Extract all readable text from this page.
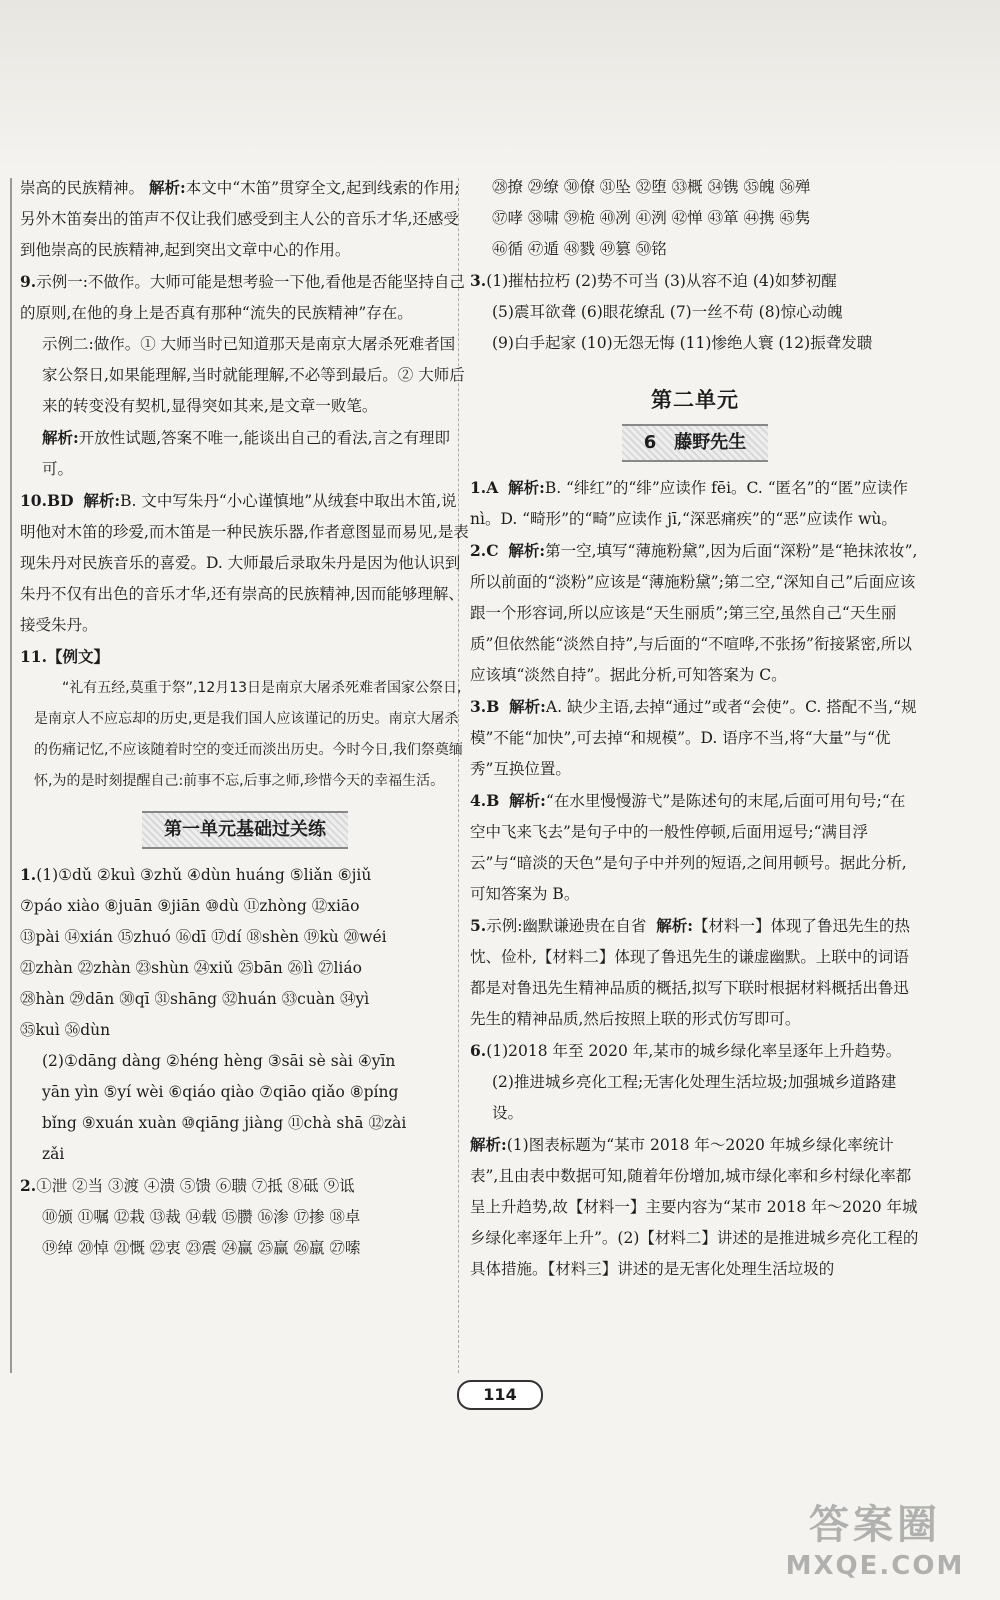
崇高的民族精神。 解析:本文中“木笛”贯穿全文,起到线索的作用;另外木笛奏出的笛声不仅让我们感受到主人公的音乐才华,还感受到他崇高的民族精神,起到突出文章中心的作用。

9.示例一:不做作。大师可能是想考验一下他,看他是否能坚持自己的原则,在他的身上是否真有那种“流失的民族精神”存在。

示例二:做作。① 大师当时已知道那天是南京大屠杀死难者国家公祭日,如果能理解,当时就能理解,不必等到最后。② 大师后来的转变没有契机,显得突如其来,是文章一败笔。

解析:开放性试题,答案不唯一,能谈出自己的看法,言之有理即可。

10.BD 解析:B. 文中写朱丹“小心谨慎地”从绒套中取出木笛,说明他对木笛的珍爱,而木笛是一种民族乐器,作者意图显而易见,是表现朱丹对民族音乐的喜爱。D. 大师最后录取朱丹是因为他认识到朱丹不仅有出色的音乐才华,还有崇高的民族精神,因而能够理解、接受朱丹。

11.【例文】

“礼有五经,莫重于祭”,12月13日是南京大屠杀死难者国家公祭日,是南京人不应忘却的历史,更是我们国人应该谨记的历史。南京大屠杀的伤痛记忆,不应该随着时空的变迁而淡出历史。今时今日,我们祭奠缅怀,为的是时刻提醒自己:前事不忘,后事之师,珍惜今天的幸福生活。

第一单元基础过关练
1.(1)①dǔ ②kuì ③zhǔ ④dùn huáng ⑤liǎn ⑥jiǔ
⑦páo xiào ⑧juān ⑨jiān ⑩dù ⑪zhòng ⑫xiāo
⑬pài ⑭xián ⑮zhuó ⑯dī ⑰dí ⑱shèn ⑲kù ⑳wéi
㉑zhàn ㉒zhàn ㉓shùn ㉔xiǔ ㉕bān ㉖lì ㉗liáo
㉘hàn ㉙dān ㉚qī ㉛shāng ㉜huán ㉝cuàn ㉞yì
㉟kuì ㊱dùn
(2)①dāng dàng ②héng hèng ③sāi sè sài ④yīn
yān yìn ⑤yí wèi ⑥qiáo qiào ⑦qiāo qiǎo ⑧píng
bǐng ⑨xuán xuàn ⑩qiāng jiàng ⑪chà shā ⑫zài
zǎi
2.①泄 ②当 ③渡 ④溃 ⑤馈 ⑥聩 ⑦抵 ⑧砥 ⑨诋
⑩颁 ⑪嘱 ⑫栽 ⑬裁 ⑭载 ⑮臜 ⑯渗 ⑰掺 ⑱卓
⑲绰 ⑳悼 ㉑慨 ㉒衷 ㉓震 ㉔赢 ㉕赢 ㉖羸 ㉗嗦
㉘撩 ㉙缭 ㉚僚 ㉛坠 ㉜堕 ㉝概 ㉞镌 ㉟魄 ㊱殚
㊲哮 ㊳啸 ㊴桅 ㊵冽 ㊶洌 ㊷惮 ㊸箪 ㊹携 ㊺隽
㊻循 ㊼遁 ㊽戮 ㊾篡 ㊿铭
3.(1)摧枯拉朽 (2)势不可当 (3)从容不迫 (4)如梦初醒
(5)震耳欲聋 (6)眼花缭乱 (7)一丝不苟 (8)惊心动魄
(9)白手起家 (10)无怨无悔 (11)惨绝人寰 (12)振聋发聩
第二单元
6　藤野先生

1.A 解析:B. “绯红”的“绯”应读作 fēi。C. “匿名”的“匿”应读作 nì。D. “畸形”的“畸”应读作 jī,“深恶痛疾”的“恶”应读作 wù。

2.C 解析:第一空,填写“薄施粉黛”,因为后面“深粉”是“艳抹浓妆”,所以前面的“淡粉”应该是“薄施粉黛”;第二空,“深知自己”后面应该跟一个形容词,所以应该是“天生丽质”;第三空,虽然自己“天生丽质”但依然能“淡然自持”,与后面的“不喧哗,不张扬”衔接紧密,所以应该填“淡然自持”。据此分析,可知答案为 C。

3.B 解析:A. 缺少主语,去掉“通过”或者“会使”。C. 搭配不当,“规模”不能“加快”,可去掉“和规模”。D. 语序不当,将“大量”与“优秀”互换位置。

4.B 解析:“在水里慢慢游弋”是陈述句的末尾,后面可用句号;“在空中飞来飞去”是句子中的一般性停顿,后面用逗号;“满目浮云”与“暗淡的天色”是句子中并列的短语,之间用顿号。据此分析,可知答案为 B。

5.示例:幽默谦逊贵在自省 解析:【材料一】体现了鲁迅先生的热忱、俭朴,【材料二】体现了鲁迅先生的谦虚幽默。上联中的词语都是对鲁迅先生精神品质的概括,拟写下联时根据材料概括出鲁迅先生的精神品质,然后按照上联的形式仿写即可。

6.(1)2018 年至 2020 年,某市的城乡绿化率呈逐年上升趋势。

(2)推进城乡亮化工程;无害化处理生活垃圾;加强城乡道路建设。

解析:(1)图表标题为“某市 2018 年～2020 年城乡绿化率统计表”,且由表中数据可知,随着年份增加,城市绿化率和乡村绿化率都呈上升趋势,故【材料一】主要内容为“某市 2018 年～2020 年城乡绿化率逐年上升”。(2)【材料二】讲述的是推进城乡亮化工程的具体措施。【材料三】讲述的是无害化处理生活垃圾的

114
答案圈
MXQE.COM
